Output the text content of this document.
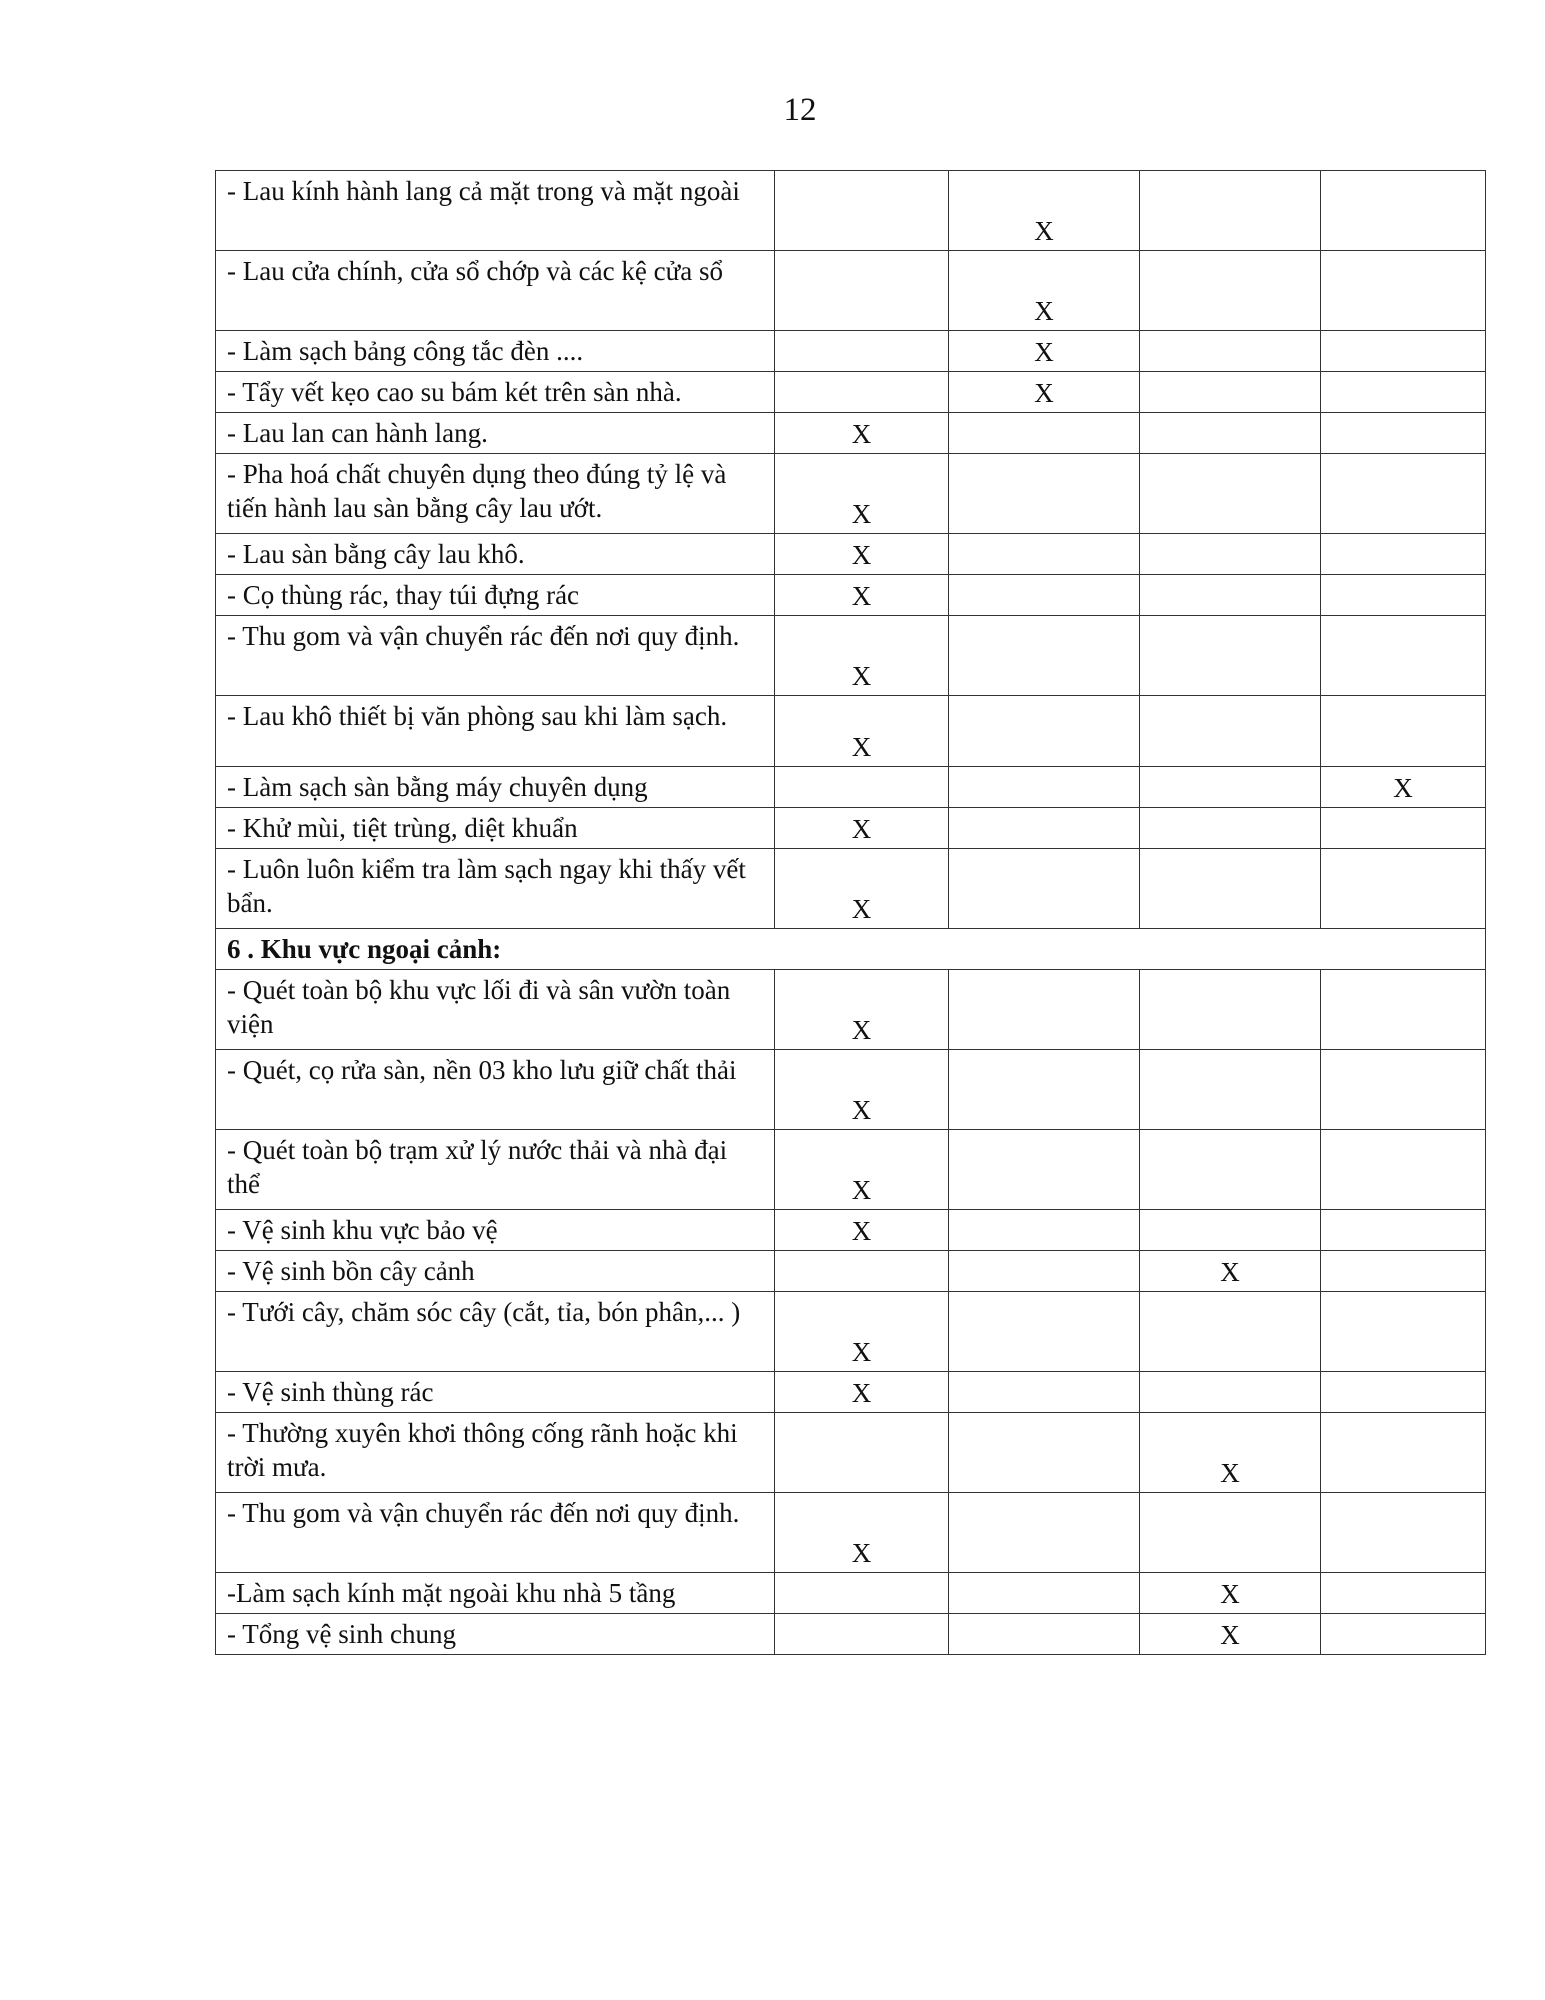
12
- Lau kính hành lang cả mặt trong và mặt ngoài		X		
- Lau cửa chính, cửa sổ chớp và các kệ cửa sổ		X		
- Làm sạch bảng công tắc đèn ....		X		
- Tẩy vết kẹo cao su bám két trên sàn nhà.		X		
- Lau lan can hành lang.	X			
- Pha hoá chất chuyên dụng theo đúng tỷ lệ và tiến hành lau sàn bằng cây lau ướt.	X			
- Lau sàn bằng cây lau khô.	X			
- Cọ thùng rác, thay túi đựng rác	X			
- Thu gom và vận chuyển rác đến nơi quy định.	X			
- Lau khô thiết bị văn phòng sau khi làm sạch.	X			
- Làm sạch sàn bằng máy chuyên dụng				X
- Khử mùi, tiệt trùng, diệt khuẩn	X			
- Luôn luôn kiểm tra làm sạch ngay khi thấy vết bẩn.	X			
6 . Khu vực ngoại cảnh:				
- Quét toàn bộ khu vực lối đi và sân vườn toàn viện	X			
- Quét, cọ rửa sàn, nền 03 kho lưu giữ chất thải	X			
- Quét toàn bộ trạm xử lý nước thải và nhà đại thể	X			
- Vệ sinh khu vực bảo vệ	X			
- Vệ sinh bồn cây cảnh			X	
- Tưới cây, chăm sóc cây (cắt, tỉa, bón phân,... )	X			
- Vệ sinh thùng rác	X			
- Thường xuyên khơi thông cống rãnh hoặc khi trời mưa.			X	
- Thu gom và vận chuyển rác đến nơi quy định.	X			
-Làm sạch kính mặt ngoài khu nhà 5 tầng			X	
- Tổng vệ sinh chung			X	
